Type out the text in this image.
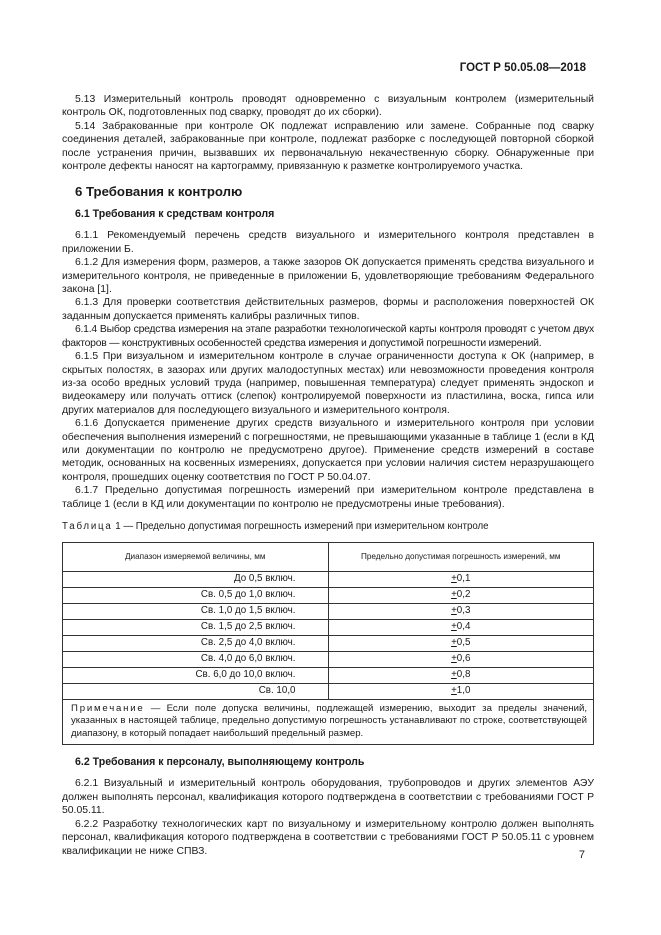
ГОСТ Р 50.05.08—2018

5.13 Измерительный контроль проводят одновременно с визуальным контролем (измерительный контроль ОК, подготовленных под сварку, проводят до их сборки).

5.14 Забракованные при контроле ОК подлежат исправлению или замене. Собранные под сварку соединения деталей, забракованные при контроле, подлежат разборке с последующей повторной сборкой после устранения причин, вызвавших их первоначальную некачественную сборку. Обнаруженные при контроле дефекты наносят на картограмму, привязанную к разметке контролируемого участка.

6 Требования к контролю
6.1 Требования к средствам контроля

6.1.1 Рекомендуемый перечень средств визуального и измерительного контроля представлен в приложении Б.

6.1.2 Для измерения форм, размеров, а также зазоров ОК допускается применять средства визуального и измерительного контроля, не приведенные в приложении Б, удовлетворяющие требованиям Федерального закона [1].

6.1.3 Для проверки соответствия действительных размеров, формы и расположения поверхностей ОК заданным допускается применять калибры различных типов.

6.1.4 Выбор средства измерения на этапе разработки технологической карты контроля проводят с учетом двух факторов — конструктивных особенностей средства измерения и допустимой погрешности измерений.

6.1.5 При визуальном и измерительном контроле в случае ограниченности доступа к ОК (например, в скрытых полостях, в зазорах или других малодоступных местах) или невозможности проведения контроля из-за особо вредных условий труда (например, повышенная температура) следует применять эндоскоп и видеокамеру или получать оттиск (слепок) контролируемой поверхности из пластилина, воска, гипса или других материалов для последующего визуального и измерительного контроля.

6.1.6 Допускается применение других средств визуального и измерительного контроля при условии обеспечения выполнения измерений с погрешностями, не превышающими указанные в таблице 1 (если в КД или документации по контролю не предусмотрено другое). Применение средств измерений в составе методик, основанных на косвенных измерениях, допускается при условии наличия систем неразрушающего контроля, прошедших оценку соответствия по ГОСТ Р 50.04.07.

6.1.7 Предельно допустимая погрешность измерений при измерительном контроле представлена в таблице 1 (если в КД или документации по контролю не предусмотрены иные требования).

Таблица 1 — Предельно допустимая погрешность измерений при измерительном контроле
Диапазон измеряемой величины, мм	Предельно допустимая погрешность измерений, мм
До 0,5 включ.	+0,1
Св. 0,5 до 1,0 включ.	+0,2
Св. 1,0 до 1,5 включ.	+0,3
Св. 1,5 до 2,5 включ.	+0,4
Св. 2,5 до 4,0 включ.	+0,5
Св. 4,0 до 6,0 включ.	+0,6
Св. 6,0 до 10,0 включ.	+0,8
Св. 10,0	+1,0
Примечание — Если поле допуска величины, подлежащей измерению, выходит за пределы значений, указанных в настоящей таблице, предельно допустимую погрешность устанавливают по строке, соответствующей диапазону, в который попадает наибольший предельный размер.	
6.2 Требования к персоналу, выполняющему контроль

6.2.1 Визуальный и измерительный контроль оборудования, трубопроводов и других элементов АЭУ должен выполнять персонал, квалификация которого подтверждена в соответствии с требованиями ГОСТ Р 50.05.11.

6.2.2 Разработку технологических карт по визуальному и измерительному контролю должен выполнять персонал, квалификация которого подтверждена в соответствии с требованиями ГОСТ Р 50.05.11 с уровнем квалификации не ниже СПВЗ.	7
